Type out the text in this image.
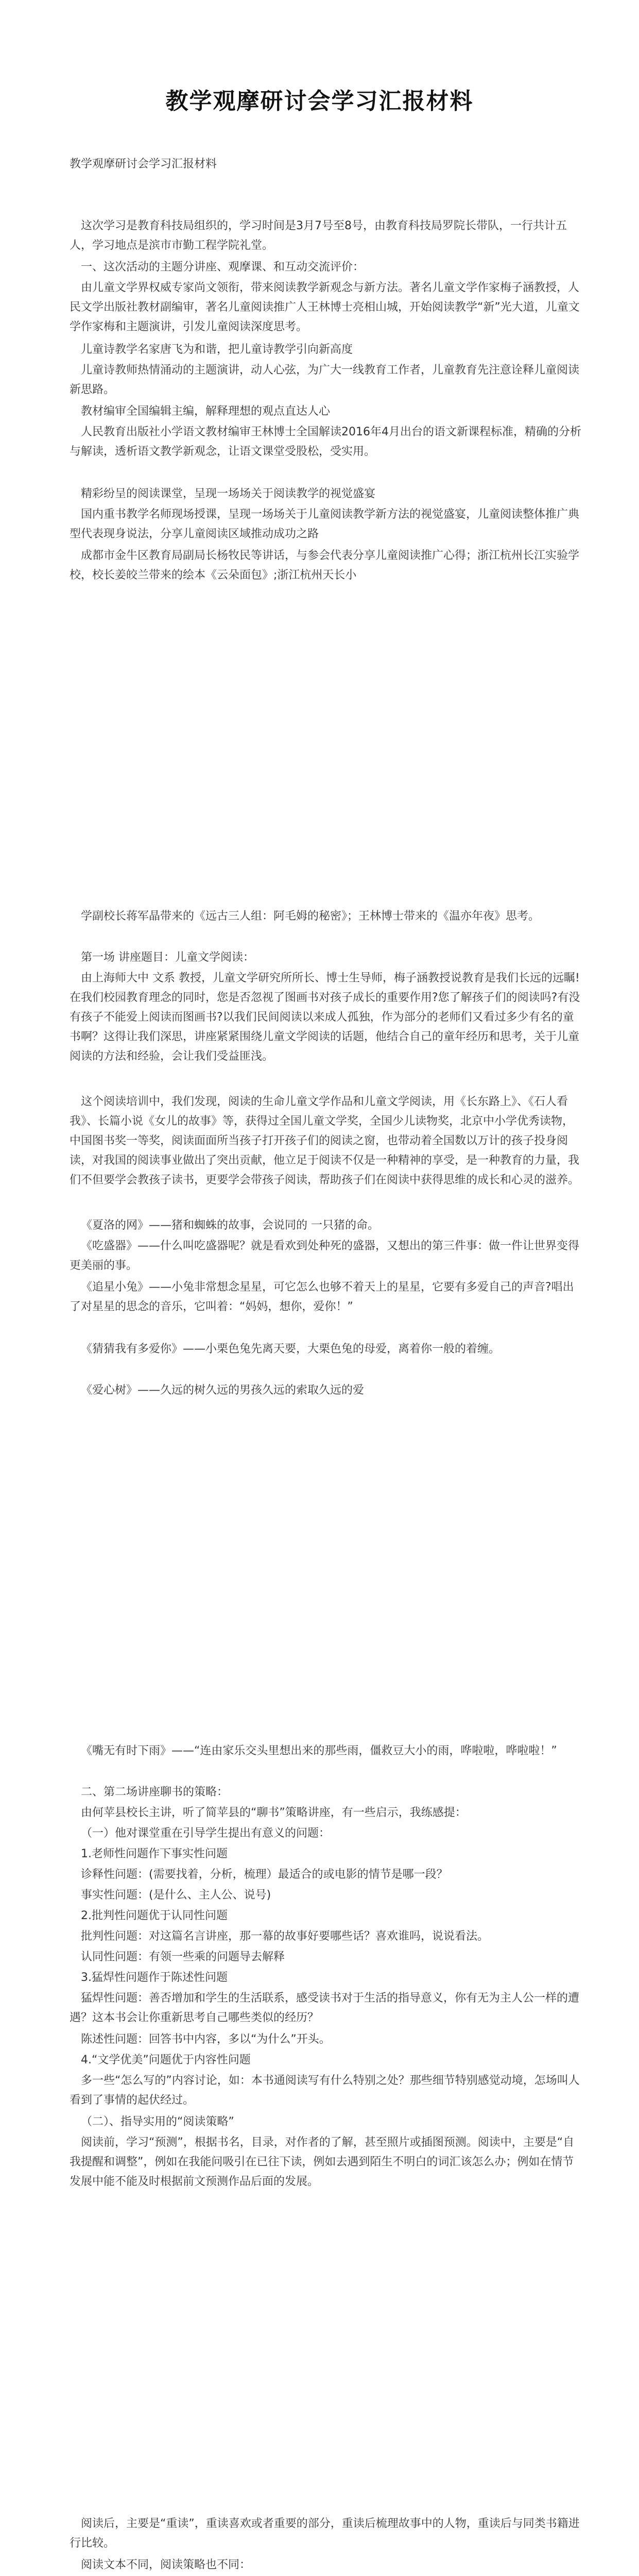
教学观摩研讨会学习汇报材料

教学观摩研讨会学习汇报材料

这次学习是教育科技局组织的，学习时间是3月7号至8号，由教育科技局罗院长带队，一行共计五人，学习地点是滨市市勤工程学院礼堂。

一、这次活动的主题分讲座、观摩课、和互动交流评价：

由儿童文学界权威专家尚文领衔，带来阅读教学新观念与新方法。著名儿童文学作家梅子涵教授，人民文学出版社教材副编审，著名儿童阅读推广人王林博士亮相山城，开始阅读教学“新”光大道，儿童文学作家梅和主题演讲，引发儿童阅读深度思考。

儿童诗教学名家唐飞为和谐，把儿童诗教学引向新高度

儿童诗教师热情涌动的主题演讲，动人心弦，为广大一线教育工作者，儿童教育先注意诠释儿童阅读新思路。

教材编审全国编辑主编，解释理想的观点直达人心

人民教育出版社小学语文教材编审王林博士全国解读2016年4月出台的语文新课程标准，精确的分析与解读，透析语文教学新观念，让语文课堂受股松，受实用。

精彩纷呈的阅读课堂，呈现一场场关于阅读教学的视觉盛宴

国内重书教学名师现场授课，呈现一场场关于儿童阅读教学新方法的视觉盛宴，儿童阅读整体推广典型代表现身说法，分享儿童阅读区域推动成功之路

成都市金牛区教育局副局长杨牧民等讲话，与参会代表分享儿童阅读推广心得；浙江杭州长江实验学校，校长姜皎兰带来的绘本《云朵面包》;浙江杭州天长小

学副校长蒋军晶带来的《远古三人组：阿毛姆的秘密》；王林博士带来的《温亦年夜》思考。

第一场 讲座题目：儿童文学阅读：

由上海师大中 文系 教授，儿童文学研究所所长、博士生导师，梅子涵教授说教育是我们长远的远瞩!在我们校园教育理念的同时，您是否忽视了图画书对孩子成长的重要作用?您了解孩子们的阅读吗?有没有孩子不能爱上阅读而图画书?以我们民间阅读以来成人孤独，作为部分的老师们又看过多少有名的童书啊？这得让我们深思，讲座紧紧围绕儿童文学阅读的话题，他结合自己的童年经历和思考，关于儿童阅读的方法和经验，会让我们受益匪浅。

这个阅读培训中，我们发现，阅读的生命儿童文学作品和儿童文学阅读，用《长东路上》、《石人看我》、长篇小说《女儿的故事》等，获得过全国儿童文学奖，全国少儿读物奖，北京中小学优秀读物，中国图书奖一等奖，阅读面面所当孩子打开孩子们的阅读之窗，也带动着全国数以万计的孩子投身阅读，对我国的阅读事业做出了突出贡献，他立足于阅读不仅是一种精神的享受，是一种教育的力量，我们不但要学会教孩子读书，更要学会带孩子阅读，帮助孩子们在阅读中获得思维的成长和心灵的滋养。

《夏洛的网》——猪和蜘蛛的故事，会说同的 一只猪的命。

《吃盛器》——什么叫吃盛器呢？就是看欢到处种死的盛器，又想出的第三件事：做一件让世界变得更美丽的事。

《追星小兔》——小兔非常想念星星，可它怎么也够不着天上的星星，它要有多爱自己的声音?唱出了对星星的思念的音乐，它叫着：“妈妈，想你，爱你！”

《猜猜我有多爱你》——小栗色兔先离天要，大栗色兔的母爱，离着你一般的着缠。

《爱心树》——久远的树久远的男孩久远的索取久远的爱

《嘴无有时下雨》——“连由家乐交头里想出来的那些雨，僵救豆大小的雨，哗啦啦，哗啦啦！”

二、第二场讲座聊书的策略：

由何苹县校长主讲，听了简苹县的“聊书”策略讲座，有一些启示，我练感提：

（一）他对课堂重在引导学生提出有意义的问题：

1.老师性问题作下事实性问题

诊释性问题：(需要找着，分析，梳理）最适合的或电影的情节是哪一段？

事实性问题：(是什么、主人公、说号)

2.批判性问题优于认同性问题

批判性问题：对这篇名言讲座，那一幕的故事好要哪些话？喜欢谁吗，说说看法。

认同性问题：有领一些乘的问题导去解释

3.猛焊性问题作于陈述性问题

猛焊性问题：善否增加和学生的生活联系，感受读书对于生活的指导意义，你有无为主人公一样的遭遇？这本书会让你重新思考自己哪些类似的经历？

陈述性问题：回答书中内容，多以“为什么”开头。

4.“文学优美”问题优于内容性问题

多一些“怎么写的”内容讨论，如：本书通阅读写有什么特别之处？那些细节特别感觉动境，怎场叫人看到了事情的起伏经过。

（二）、指导实用的“阅读策略”

阅读前，学习“预测”，根据书名，目录，对作者的了解，甚至照片或插图预测。阅读中，主要是“自我提醒和调整”，例如在我能问吸引在已往下读，例如去遇到陌生不明白的词汇该怎么办；例如在情节发展中能不能及时根据前文预测作品后面的发展。

阅读后，主要是“重读”，重读喜欢或者重要的部分，重读后梳理故事中的人物，重读后与同类书籍进行比较。

阅读文本不同，阅读策略也不同：
